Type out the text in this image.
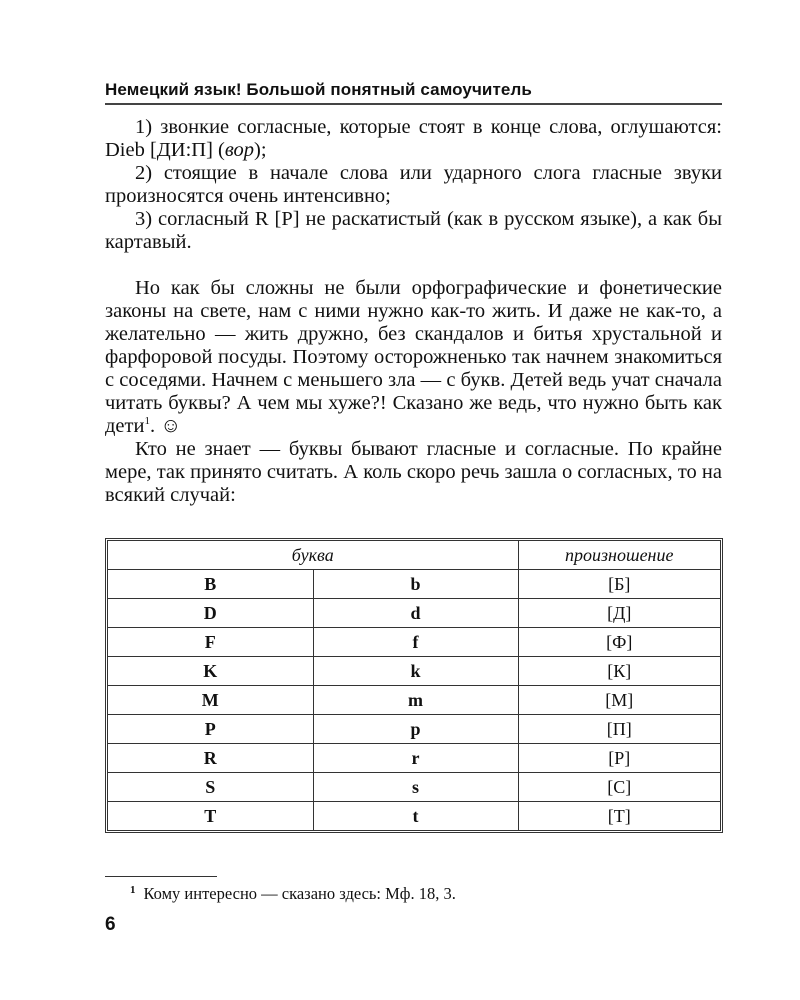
Немецкий язык! Большой понятный самоучитель

1) звонкие согласные, которые стоят в конце слова, оглушаются: Dieb [ДИ:П] (вор);

2) стоящие в начале слова или ударного слога гласные звуки произносятся очень интенсивно;

3) согласный R [Р] не раскатистый (как в русском языке), а как бы картавый.

Но как бы сложны не были орфографические и фонетические законы на свете, нам с ними нужно как-то жить. И даже не как-то, а желательно — жить дружно, без скандалов и битья хрустальной и фарфоровой посуды. Поэтому осторожненько так начнем знакомиться с соседями. Начнем с меньшего зла — с букв. Детей ведь учат сначала читать буквы? А чем мы хуже?! Сказано же ведь, что нужно быть как дети$^1$. ☺

Кто не знает — буквы бывают гласные и согласные. По крайне мере, так принято считать. А коль скоро речь зашла о согласных, то на всякий случай:

буква		произношение
B	b	[Б]
D	d	[Д]
F	f	[Ф]
K	k	[К]
M	m	[М]
P	p	[П]
R	r	[Р]
S	s	[С]
T	t	[Т]
$^1$ Кому интересно — сказано здесь: Мф. 18, 3.
6
